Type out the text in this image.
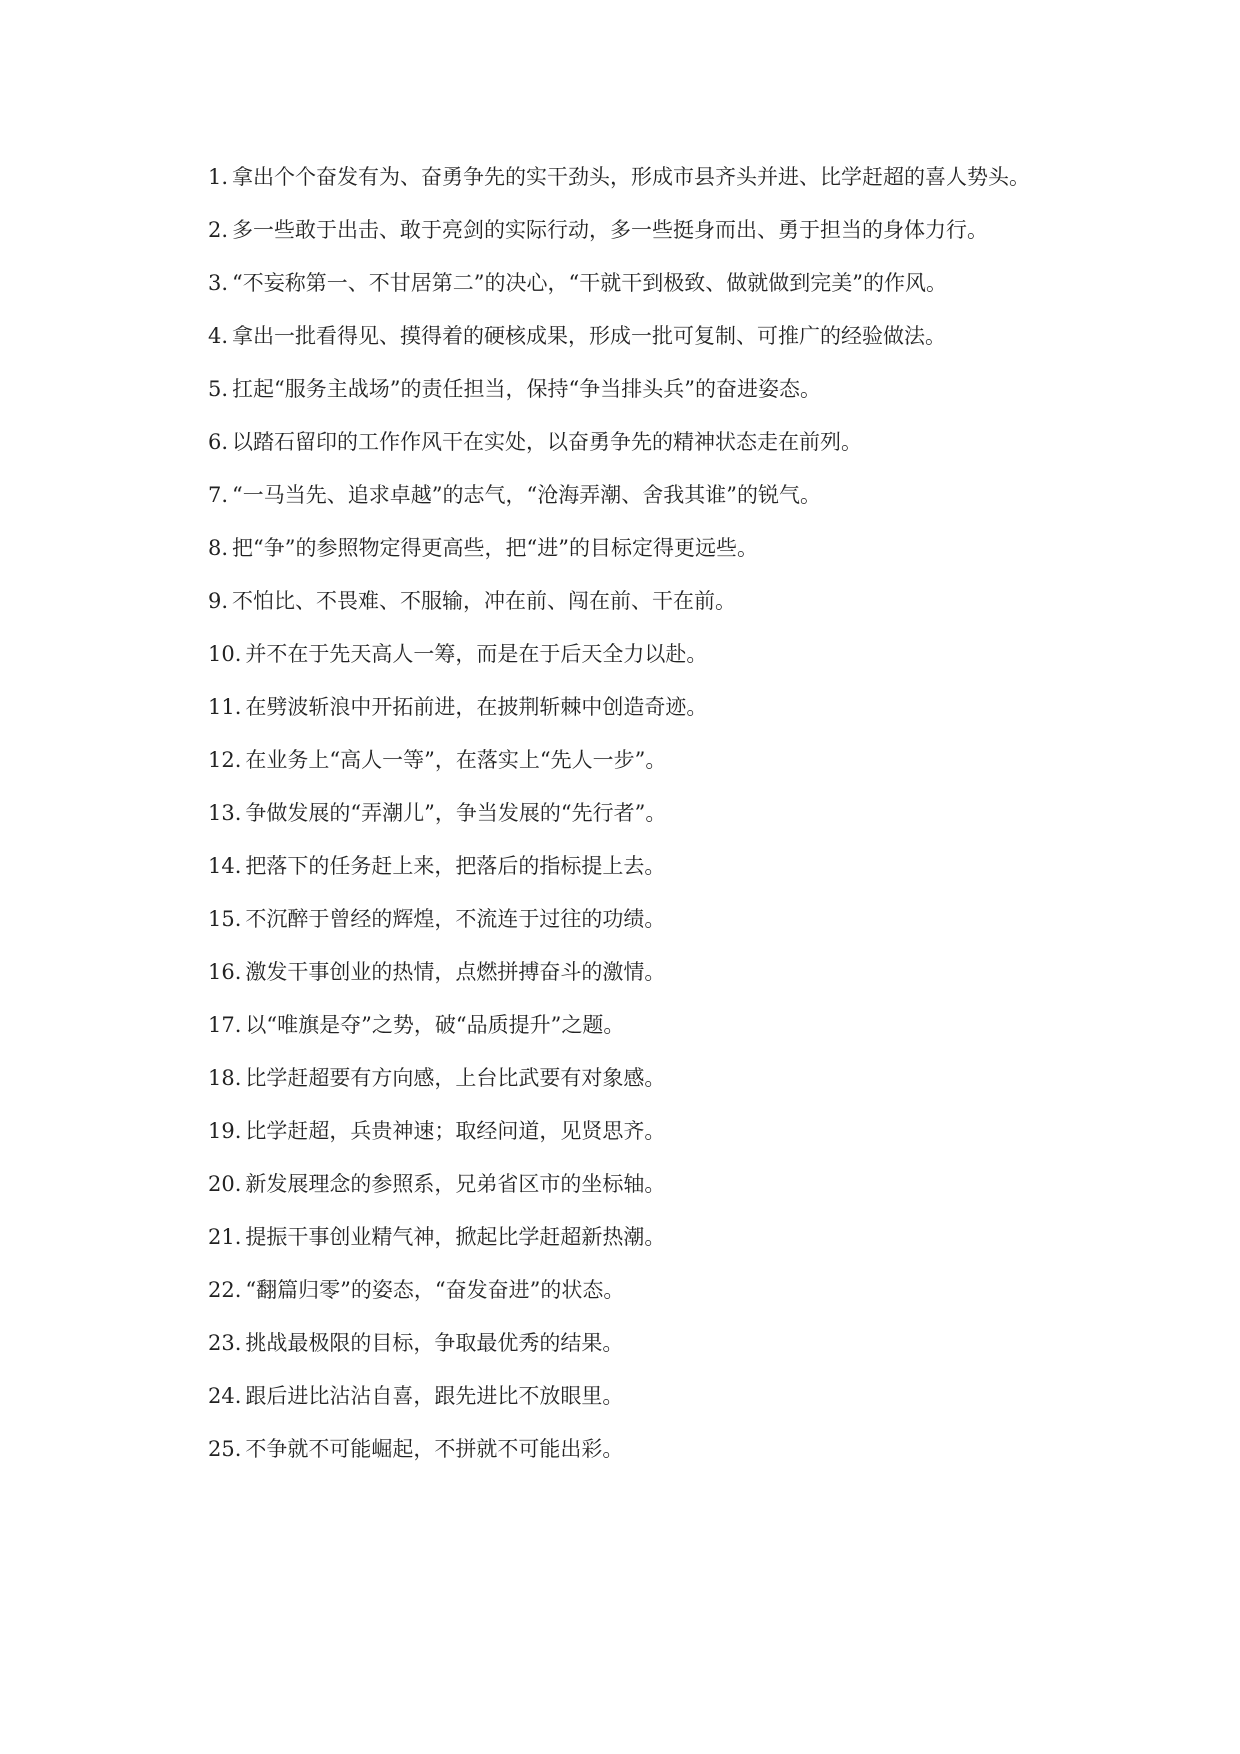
1. 拿出个个奋发有为、奋勇争先的实干劲头，形成市县齐头并进、比学赶超的喜人势头。

2. 多一些敢于出击、敢于亮剑的实际行动，多一些挺身而出、勇于担当的身体力行。

3. “不妄称第一、不甘居第二”的决心，“干就干到极致、做就做到完美”的作风。

4. 拿出一批看得见、摸得着的硬核成果，形成一批可复制、可推广的经验做法。

5. 扛起“服务主战场”的责任担当，保持“争当排头兵”的奋进姿态。

6. 以踏石留印的工作作风干在实处，以奋勇争先的精神状态走在前列。

7. “一马当先、追求卓越”的志气，“沧海弄潮、舍我其谁”的锐气。

8. 把“争”的参照物定得更高些，把“进”的目标定得更远些。

9. 不怕比、不畏难、不服输，冲在前、闯在前、干在前。

10. 并不在于先天高人一筹，而是在于后天全力以赴。

11. 在劈波斩浪中开拓前进，在披荆斩棘中创造奇迹。

12. 在业务上“高人一等”，在落实上“先人一步”。

13. 争做发展的“弄潮儿”，争当发展的“先行者”。

14. 把落下的任务赶上来，把落后的指标提上去。

15. 不沉醉于曾经的辉煌，不流连于过往的功绩。

16. 激发干事创业的热情，点燃拼搏奋斗的激情。

17. 以“唯旗是夺”之势，破“品质提升”之题。

18. 比学赶超要有方向感，上台比武要有对象感。

19. 比学赶超，兵贵神速；取经问道，见贤思齐。

20. 新发展理念的参照系，兄弟省区市的坐标轴。

21. 提振干事创业精气神，掀起比学赶超新热潮。

22. “翻篇归零”的姿态，“奋发奋进”的状态。

23. 挑战最极限的目标，争取最优秀的结果。

24. 跟后进比沾沾自喜，跟先进比不放眼里。

25. 不争就不可能崛起，不拼就不可能出彩。
